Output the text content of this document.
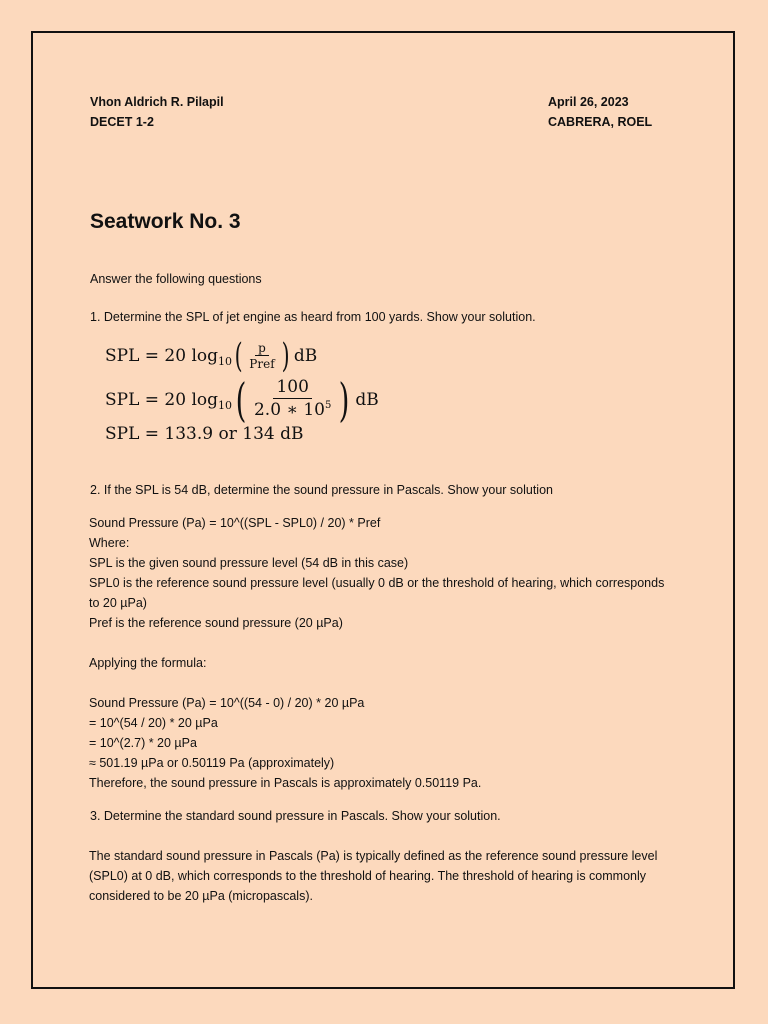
Vhon Aldrich R. Pilapil
DECET 1-2
April 26, 2023
CABRERA, ROEL
Seatwork No. 3
Answer the following questions
1. Determine the SPL of jet engine as heard from 100 yards. Show your solution.
SPL = 20 log 10 ( $\frac{p}{\text{Pref}}$ ) dB
SPL = 20 log 10 ( $\frac{100}{2.0 ∗ 10^5}$ ) dB
SPL = 133.9 or 134 dB
2. If the SPL is 54 dB, determine the sound pressure in Pascals. Show your solution
Sound Pressure (Pa) = 10^((SPL - SPL0) / 20) * Pref
Where:
SPL is the given sound pressure level (54 dB in this case)
SPL0 is the reference sound pressure level (usually 0 dB or the threshold of hearing, which corresponds
to 20 µPa)
Pref is the reference sound pressure (20 µPa)
Applying the formula:
Sound Pressure (Pa) = 10^((54 - 0) / 20) * 20 µPa
= 10^(54 / 20) * 20 µPa
= 10^(2.7) * 20 µPa
≈ 501.19 µPa or 0.50119 Pa (approximately)
Therefore, the sound pressure in Pascals is approximately 0.50119 Pa.
3. Determine the standard sound pressure in Pascals. Show your solution.
The standard sound pressure in Pascals (Pa) is typically defined as the reference sound pressure level
(SPL0) at 0 dB, which corresponds to the threshold of hearing. The threshold of hearing is commonly
considered to be 20 µPa (micropascals).
